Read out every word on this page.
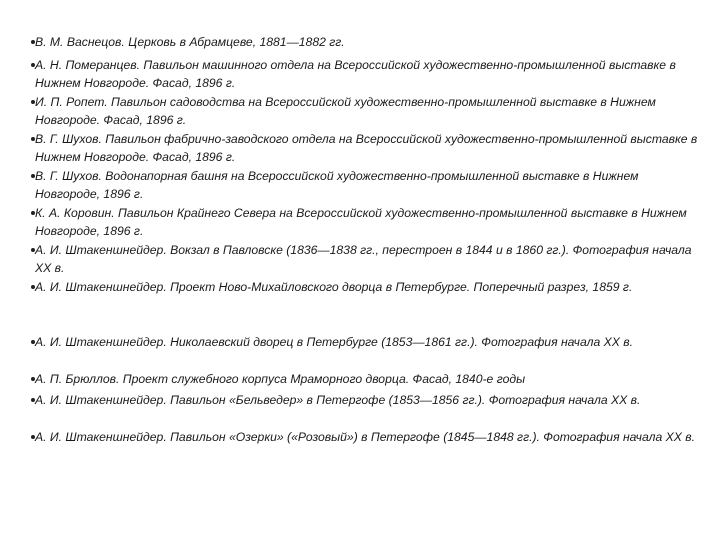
В. М. Васнецов. Церковь в Абрамцеве, 1881—1882 гг.
А. Н. Померанцев. Павильон машинного отдела на Всероссийской художественно-промышленной выставке в Нижнем Новгороде. Фасад, 1896 г.
И. П. Ропет. Павильон садоводства на Всероссийской художественно-промышленной выставке в Нижнем Новгороде. Фасад, 1896 г.
В. Г. Шухов. Павильон фабрично-заводского отдела на Всероссийской художественно-промышленной выставке в Нижнем Новгороде. Фасад, 1896 г.
В. Г. Шухов. Водонапорная башня на Всероссийской художественно-промышленной выставке в Нижнем Новгороде, 1896 г.
К. А. Коровин. Павильон Крайнего Севера на Всероссийской художественно-промышленной выставке в Нижнем Новгороде, 1896 г.
А. И. Штакеншнейдер. Вокзал в Павловске (1836—1838 гг., перестроен в 1844 и в 1860 гг.). Фотография начала XX в.
А. И. Штакеншнейдер. Проект Ново-Михайловского дворца в Петербурге. Поперечный разрез, 1859 г.
А. И. Штакеншнейдер. Николаевский дворец в Петербурге (1853—1861 гг.). Фотография начала XX в.
А. П. Брюллов. Проект служебного корпуса Мраморного дворца. Фасад, 1840-е годы
А. И. Штакеншнейдер. Павильон «Бельведер» в Петергофе (1853—1856 гг.). Фотография начала XX в.
А. И. Штакеншнейдер. Павильон «Озерки» («Розовый») в Петергофе (1845—1848 гг.). Фотография начала XX в.
